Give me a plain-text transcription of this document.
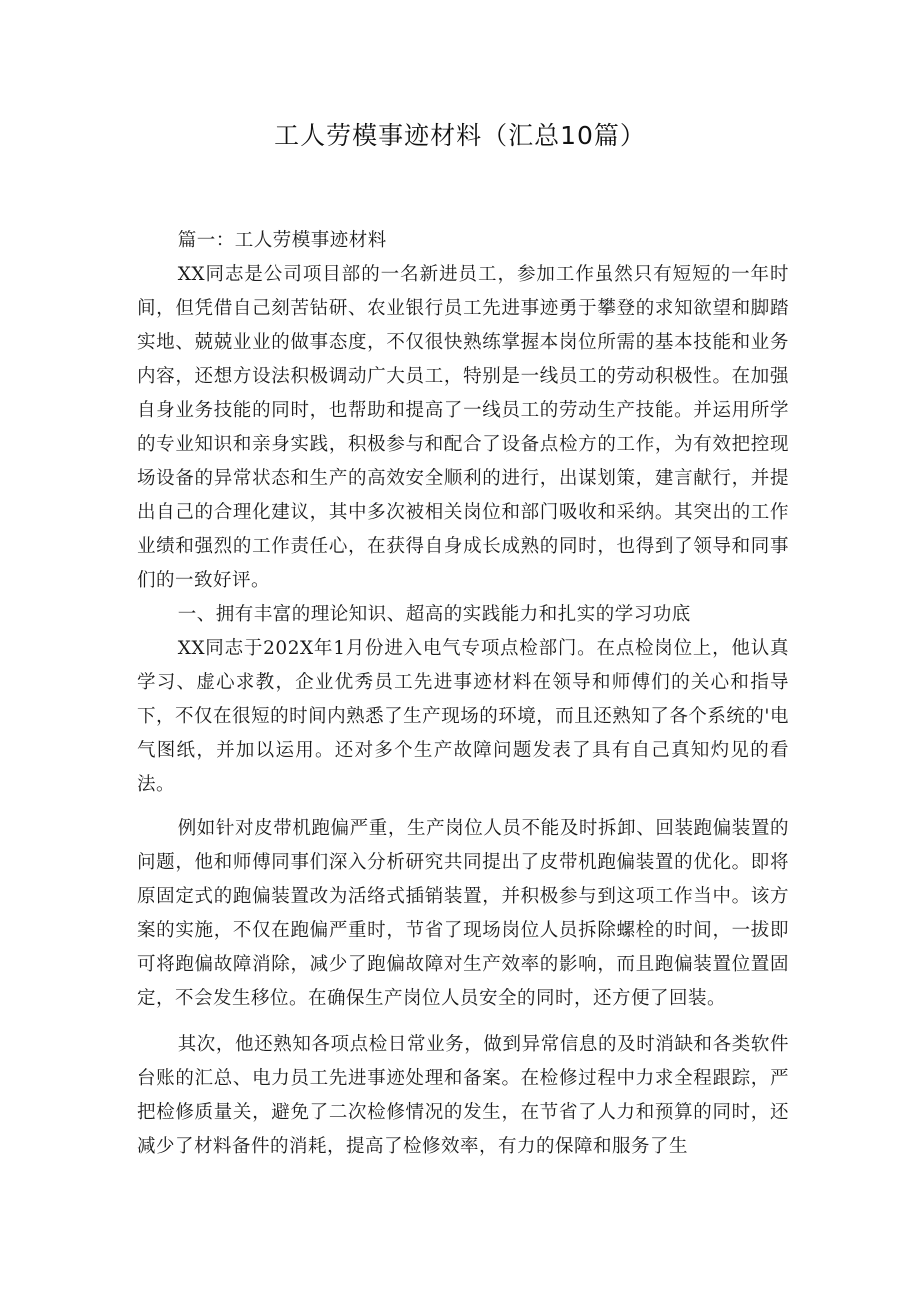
工人劳模事迹材料（汇总10篇）

篇一：工人劳模事迹材料

XX同志是公司项目部的一名新进员工，参加工作虽然只有短短的一年时间，但凭借自己刻苦钻研、农业银行员工先进事迹勇于攀登的求知欲望和脚踏实地、兢兢业业的做事态度，不仅很快熟练掌握本岗位所需的基本技能和业务内容，还想方设法积极调动广大员工，特别是一线员工的劳动积极性。在加强自身业务技能的同时，也帮助和提高了一线员工的劳动生产技能。并运用所学的专业知识和亲身实践，积极参与和配合了设备点检方的工作，为有效把控现场设备的异常状态和生产的高效安全顺利的进行，出谋划策，建言献行，并提出自己的合理化建议，其中多次被相关岗位和部门吸收和采纳。其突出的工作业绩和强烈的工作责任心，在获得自身成长成熟的同时，也得到了领导和同事们的一致好评。

一、拥有丰富的理论知识、超高的实践能力和扎实的学习功底

XX同志于202X年1月份进入电气专项点检部门。在点检岗位上，他认真学习、虚心求教，企业优秀员工先进事迹材料在领导和师傅们的关心和指导下，不仅在很短的时间内熟悉了生产现场的环境，而且还熟知了各个系统的'电气图纸，并加以运用。还对多个生产故障问题发表了具有自己真知灼见的看法。

例如针对皮带机跑偏严重，生产岗位人员不能及时拆卸、回装跑偏装置的问题，他和师傅同事们深入分析研究共同提出了皮带机跑偏装置的优化。即将原固定式的跑偏装置改为活络式插销装置，并积极参与到这项工作当中。该方案的实施，不仅在跑偏严重时，节省了现场岗位人员拆除螺栓的时间，一拔即可将跑偏故障消除，减少了跑偏故障对生产效率的影响，而且跑偏装置位置固定，不会发生移位。在确保生产岗位人员安全的同时，还方便了回装。

其次，他还熟知各项点检日常业务，做到异常信息的及时消缺和各类软件台账的汇总、电力员工先进事迹处理和备案。在检修过程中力求全程跟踪，严把检修质量关，避免了二次检修情况的发生，在节省了人力和预算的同时，还减少了材料备件的消耗，提高了检修效率，有力的保障和服务了生
